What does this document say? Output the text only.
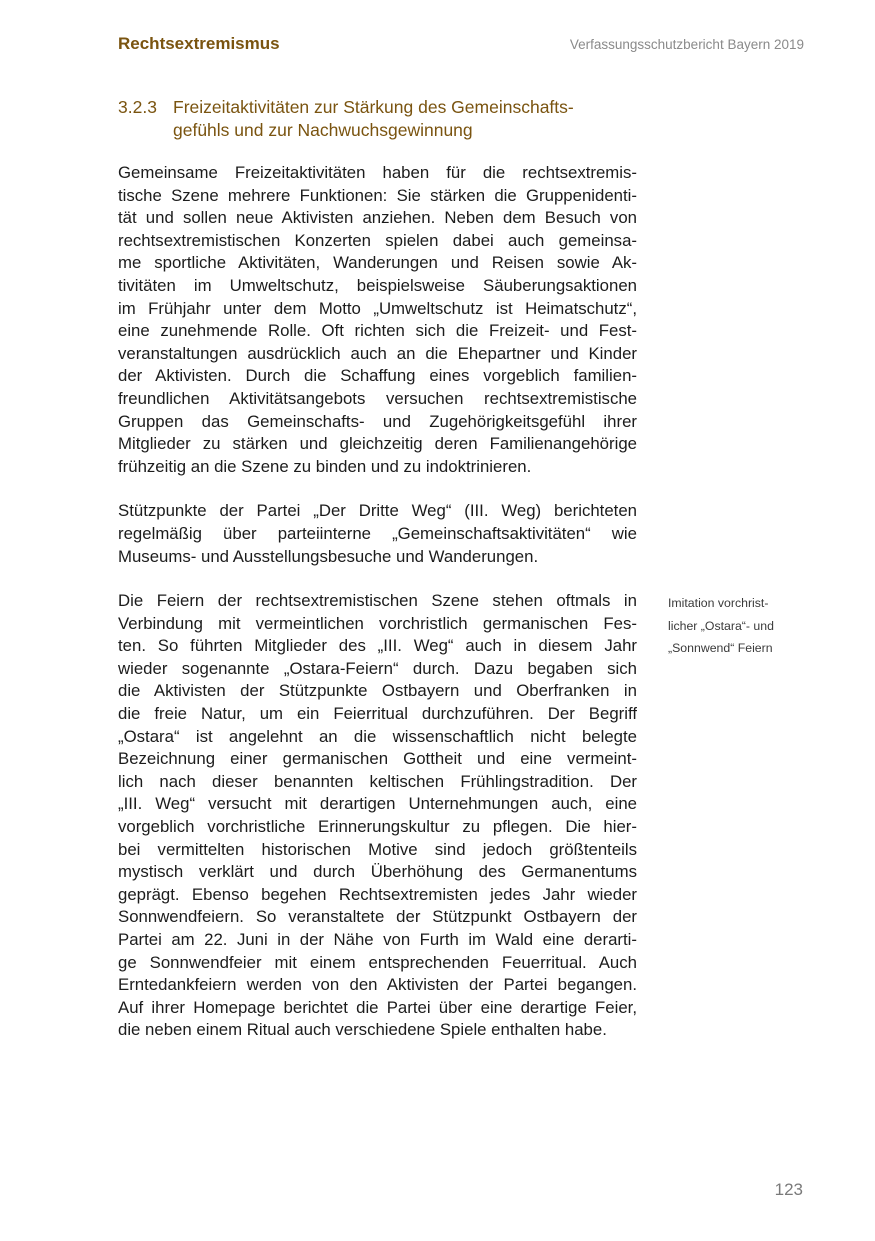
Rechtsextremismus	Verfassungsschutzbericht Bayern 2019
3.2.3 Freizeitaktivitäten zur Stärkung des Gemeinschafts-
gefühls und zur Nachwuchsgewinnung

Gemeinsame Freizeitaktivitäten haben für die rechtsextremis-
tische Szene mehrere Funktionen: Sie stärken die Gruppenidenti-
tät und sollen neue Aktivisten anziehen. Neben dem Besuch von
rechtsextremistischen Konzerten spielen dabei auch gemeinsa-
me sportliche Aktivitäten, Wanderungen und Reisen sowie Ak-
tivitäten im Umweltschutz, beispielsweise Säuberungsaktionen
im Frühjahr unter dem Motto „Umweltschutz ist Heimatschutz“,
eine zunehmende Rolle. Oft richten sich die Freizeit- und Fest-
veranstaltungen ausdrücklich auch an die Ehepartner und Kinder
der Aktivisten. Durch die Schaffung eines vorgeblich familien-
freundlichen Aktivitätsangebots versuchen rechtsextremistische
Gruppen das Gemeinschafts- und Zugehörigkeitsgefühl ihrer
Mitglieder zu stärken und gleichzeitig deren Familienangehörige
frühzeitig an die Szene zu binden und zu indoktrinieren.

Stützpunkte der Partei „Der Dritte Weg“ (III. Weg) berichteten
regelmäßig über parteiinterne „Gemeinschaftsaktivitäten“ wie
Museums- und Ausstellungsbesuche und Wanderungen.

Die Feiern der rechtsextremistischen Szene stehen oftmals in
Verbindung mit vermeintlichen vorchristlich germanischen Fes-
ten. So führten Mitglieder des „III. Weg“ auch in diesem Jahr
wieder sogenannte „Ostara-Feiern“ durch. Dazu begaben sich
die Aktivisten der Stützpunkte Ostbayern und Oberfranken in
die freie Natur, um ein Feierritual durchzuführen. Der Begriff
„Ostara“ ist angelehnt an die wissenschaftlich nicht belegte
Bezeichnung einer germanischen Gottheit und eine vermeint-
lich nach dieser benannten keltischen Frühlingstradition. Der
„III. Weg“ versucht mit derartigen Unternehmungen auch, eine
vorgeblich vorchristliche Erinnerungskultur zu pflegen. Die hier-
bei vermittelten historischen Motive sind jedoch größtenteils
mystisch verklärt und durch Überhöhung des Germanentums
geprägt. Ebenso begehen Rechtsextremisten jedes Jahr wieder
Sonnwendfeiern. So veranstaltete der Stützpunkt Ostbayern der
Partei am 22. Juni in der Nähe von Furth im Wald eine derarti-
ge Sonnwendfeier mit einem entsprechenden Feuerritual. Auch
Erntedankfeiern werden von den Aktivisten der Partei begangen.
Auf ihrer Homepage berichtet die Partei über eine derartige Feier,
die neben einem Ritual auch verschiedene Spiele enthalten habe.

Imitation vorchrist-
licher „Ostara“- und
„Sonnwend“ Feiern
123
